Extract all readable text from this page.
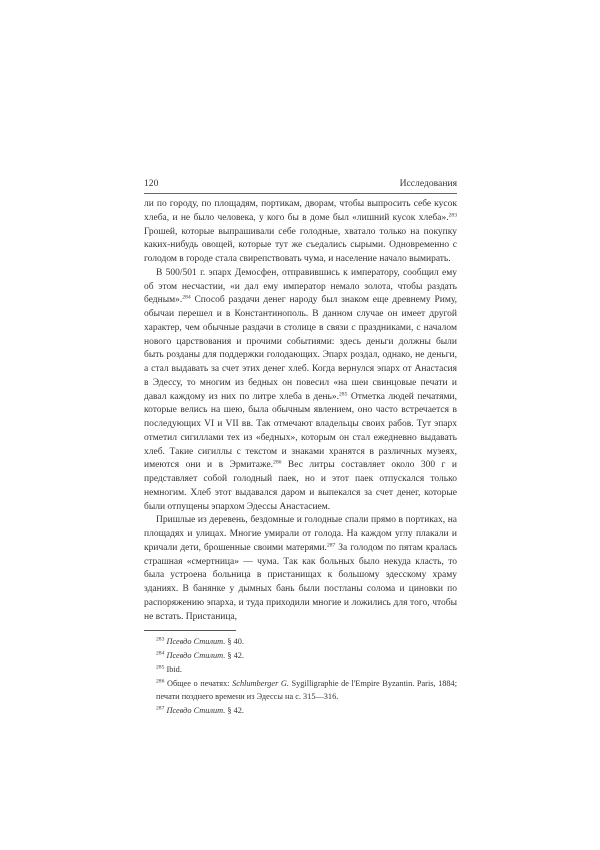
120	Исследования

ли по городу, по площадям, портикам, дворам, чтобы выпросить себе кусок хлеба, и не было человека, у кого бы в доме был «лишний кусок хлеба».$^{283}$ Грошей, которые выпрашивали себе голодные, хватало только на покупку каких-нибудь овощей, которые тут же съедались сырыми. Одновременно с голодом в городе стала свирепствовать чума, и население начало вымирать.

В 500/501 г. эпарх Демосфен, отправившись к императору, сообщил ему об этом несчастии, «и дал ему император немало золота, чтобы раздать бедным».$^{284}$ Способ раздачи денег народу был знаком еще древнему Риму, обычаи перешел и в Константинополь. В данном случае он имеет другой характер, чем обычные раздачи в столице в связи с праздниками, с началом нового царствования и прочими событиями: здесь деньги должны были быть розданы для поддержки голодающих. Эпарх роздал, однако, не деньги, а стал выдавать за счет этих денег хлеб. Когда вернулся эпарх от Анастасия в Эдессу, то многим из бедных он повесил «на шеи свинцовые печати и давал каждому из них по литре хлеба в день».$^{285}$ Отметка людей печатями, которые велись на шею, была обычным явлением, оно часто встречается в последующих VI и VII вв. Так отмечают владельцы своих рабов. Тут эпарх отметил сигиллами тех из «бедных», которым он стал ежедневно выдавать хлеб. Такие сигиллы с текстом и знаками хранятся в различных музеях, имеются они и в Эрмитаже.$^{286}$ Вес литры составляет около 300 г и представляет собой голодный паек, но и этот паек отпускался только немногим. Хлеб этот выдавался даром и выпекался за счет денег, которые были отпущены эпархом Эдессы Анастасием.

Пришлые из деревень, бездомные и голодные спали прямо в портиках, на площадях и улицах. Многие умирали от голода. На каждом углу плакали и кричали дети, брошенные своими матерями.$^{287}$ За голодом по пятам кралась страшная «смертница» — чума. Так как больных было некуда класть, то была устроена больница в пристанищах к большому эдесскому храму зданиях. В банянке у дымных бань были постланы солома и циновки по распоряжению эпарха, и туда приходили многие и ложились для того, чтобы не встать. Пристаница,

$^{283}$ Псевдо Стилит. § 40.

$^{284}$ Псевдо Стилит. § 42.

$^{285}$ Ibid.

$^{286}$ Общее о печатях: Schlumberger G. Sygilligraphie de l'Empire Byzantin. Paris, 1884; печати позднего времени из Эдессы на с. 315—316.

$^{287}$ Псевдо Стилит. § 42.
